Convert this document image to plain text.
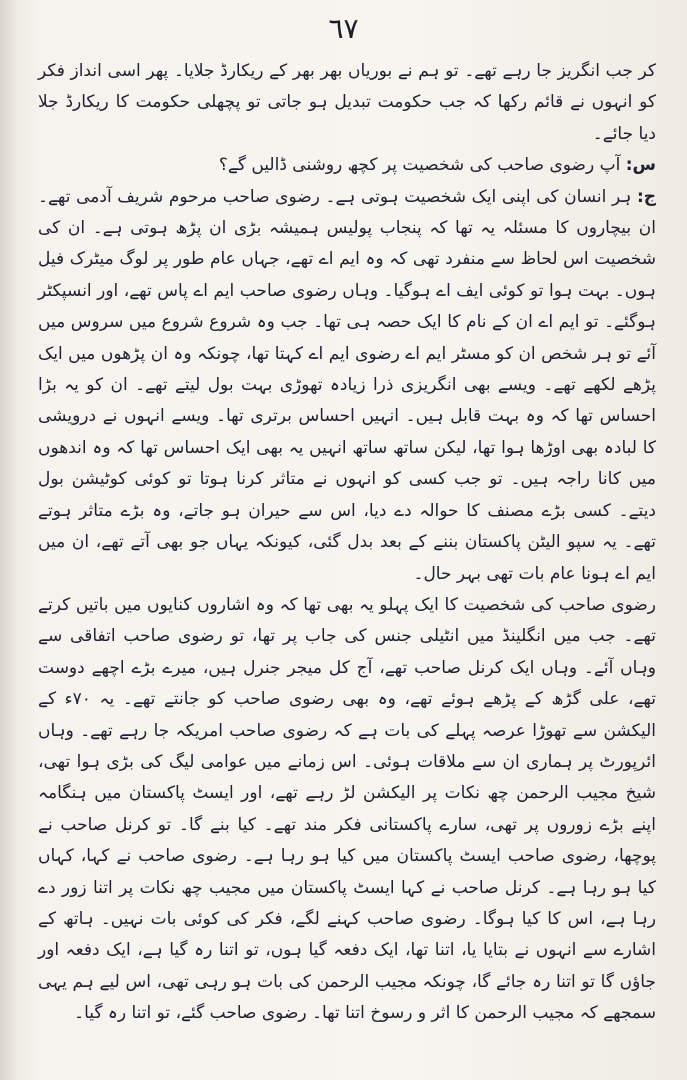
٦٧

کر جب انگریز جا رہے تھے۔ تو ہم نے بوریاں بھر بھر کے ریکارڈ جلایا۔ پھر اسی انداز فکر کو انہوں نے قائم رکھا کہ جب حکومت تبدیل ہو جاتی تو پچھلی حکومت کا ریکارڈ جلا دیا جائے۔

س: آپ رضوی صاحب کی شخصیت پر کچھ روشنی ڈالیں گے؟

ج: ہر انسان کی اپنی ایک شخصیت ہوتی ہے۔ رضوی صاحب مرحوم شریف آدمی تھے۔ ان بیچاروں کا مسئلہ یہ تھا کہ پنجاب پولیس ہمیشہ بڑی ان پڑھ ہوتی ہے۔ ان کی شخصیت اس لحاظ سے منفرد تھی کہ وہ ایم اے تھے، جہاں عام طور پر لوگ میٹرک فیل ہوں۔ بہت ہوا تو کوئی ایف اے ہوگیا۔ وہاں رضوی صاحب ایم اے پاس تھے، اور انسپکٹر ہوگئے۔ تو ایم اے ان کے نام کا ایک حصہ ہی تھا۔ جب وہ شروع شروع میں سروس میں آئے تو ہر شخص ان کو مسٹر ایم اے رضوی ایم اے کہتا تھا، چونکہ وہ ان پڑھوں میں ایک پڑھے لکھے تھے۔ ویسے بھی انگریزی ذرا زیادہ تھوڑی بہت بول لیتے تھے۔ ان کو یہ بڑا احساس تھا کہ وہ بہت قابل ہیں۔ انہیں احساس برتری تھا۔ ویسے انہوں نے درویشی کا لبادہ بھی اوڑھا ہوا تھا، لیکن ساتھ ساتھ انہیں یہ بھی ایک احساس تھا کہ وہ اندھوں میں کانا راجہ ہیں۔ تو جب کسی کو انہوں نے متاثر کرنا ہوتا تو کوئی کوٹیشن بول دیتے۔ کسی بڑے مصنف کا حوالہ دے دیا، اس سے حیران ہو جاتے، وہ بڑے متاثر ہوتے تھے۔ یہ سپو الیٹن پاکستان بننے کے بعد بدل گئی، کیونکہ یہاں جو بھی آتے تھے، ان میں ایم اے ہونا عام بات تھی بہر حال۔

رضوی صاحب کی شخصیت کا ایک پہلو یہ بھی تھا کہ وہ اشاروں کنایوں میں باتیں کرتے تھے۔ جب میں انگلینڈ میں انٹیلی جنس کی جاب پر تھا، تو رضوی صاحب اتفاقی سے وہاں آئے۔ وہاں ایک کرنل صاحب تھے، آج کل میجر جنرل ہیں، میرے بڑے اچھے دوست تھے، علی گڑھ کے پڑھے ہوئے تھے، وہ بھی رضوی صاحب کو جانتے تھے۔ یہ ۷۰ء کے الیکشن سے تھوڑا عرصہ پہلے کی بات ہے کہ رضوی صاحب امریکہ جا رہے تھے۔ وہاں ائرپورٹ پر ہماری ان سے ملاقات ہوئی۔ اس زمانے میں عوامی لیگ کی بڑی ہوا تھی، شیخ مجیب الرحمن چھ نکات پر الیکشن لڑ رہے تھے، اور ایسٹ پاکستان میں ہنگامہ اپنے بڑے زوروں پر تھی، سارے پاکستانی فکر مند تھے۔ کیا بنے گا۔ تو کرنل صاحب نے پوچھا، رضوی صاحب ایسٹ پاکستان میں کیا ہو رہا ہے۔ رضوی صاحب نے کہا، کہاں کیا ہو رہا ہے۔ کرنل صاحب نے کہا ایسٹ پاکستان میں مجیب چھ نکات پر اتنا زور دے رہا ہے، اس کا کیا ہوگا۔ رضوی صاحب کہنے لگے، فکر کی کوئی بات نہیں۔ ہاتھ کے اشارے سے انہوں نے بتایا یا، اتنا تھا، ایک دفعہ گیا ہوں، تو اتنا رہ گیا ہے، ایک دفعہ اور جاؤں گا تو اتنا رہ جائے گا، چونکہ مجیب الرحمن کی بات ہو رہی تھی، اس لیے ہم یہی سمجھے کہ مجیب الرحمن کا اثر و رسوخ اتنا تھا۔ رضوی صاحب گئے، تو اتنا رہ گیا۔
